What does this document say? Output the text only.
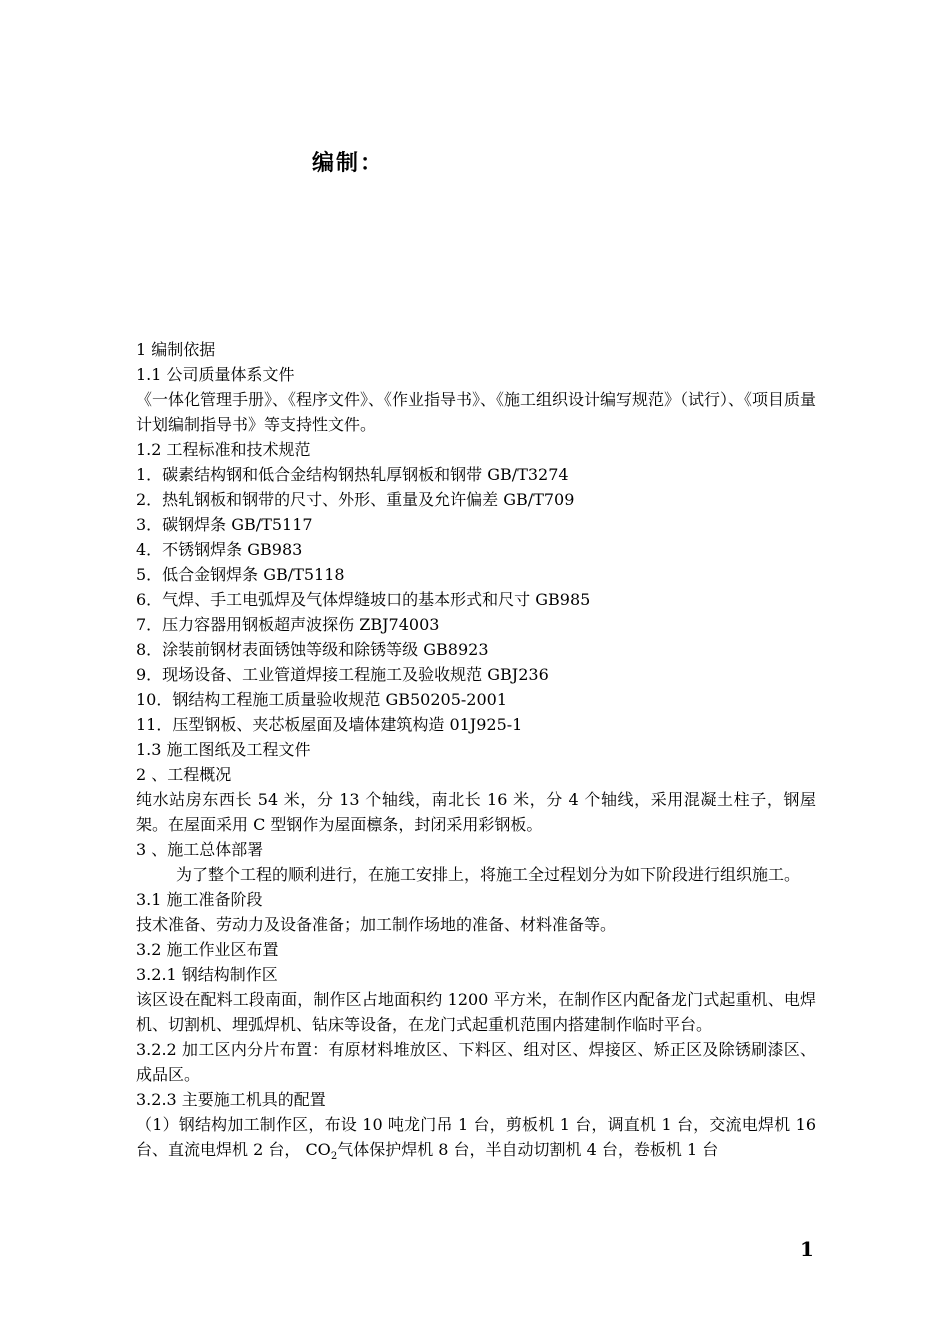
编制：
1 编制依据
1.1 公司质量体系文件
《一体化管理手册》、《程序文件》、《作业指导书》、《施工组织设计编写规范》（试行）、《项目质量计划编制指导书》等支持性文件。
1.2 工程标准和技术规范
1．碳素结构钢和低合金结构钢热轧厚钢板和钢带 GB/T3274
2．热轧钢板和钢带的尺寸、外形、重量及允许偏差 GB/T709
3．碳钢焊条 GB/T5117
4．不锈钢焊条 GB983
5．低合金钢焊条 GB/T5118
6．气焊、手工电弧焊及气体焊缝坡口的基本形式和尺寸 GB985
7．压力容器用钢板超声波探伤 ZBJ74003
8．涂装前钢材表面锈蚀等级和除锈等级 GB8923
9．现场设备、工业管道焊接工程施工及验收规范 GBJ236
10．钢结构工程施工质量验收规范 GB50205-2001
11．压型钢板、夹芯板屋面及墙体建筑构造 01J925-1
1.3 施工图纸及工程文件
2 、工程概况
纯水站房东西长 54 米，分 13 个轴线，南北长 16 米，分 4 个轴线，采用混凝土柱子，钢屋架。在屋面采用 C 型钢作为屋面檩条，封闭采用彩钢板。
3 、施工总体部署
为了整个工程的顺利进行，在施工安排上，将施工全过程划分为如下阶段进行组织施工。
3.1 施工准备阶段
技术准备、劳动力及设备准备；加工制作场地的准备、材料准备等。
3.2 施工作业区布置
3.2.1 钢结构制作区
该区设在配料工段南面，制作区占地面积约 1200 平方米，在制作区内配备龙门式起重机、电焊机、切割机、埋弧焊机、钻床等设备，在龙门式起重机范围内搭建制作临时平台。
3.2.2 加工区内分片布置：有原材料堆放区、下料区、组对区、焊接区、矫正区及除锈刷漆区、成品区。
3.2.3 主要施工机具的配置
（1）钢结构加工制作区，布设 10 吨龙门吊 1 台，剪板机 1 台，调直机 1 台，交流电焊机 16 台、直流电焊机 2 台， $CO_2$气体保护焊机 8 台，半自动切割机 4 台，卷板机 1 台
1
